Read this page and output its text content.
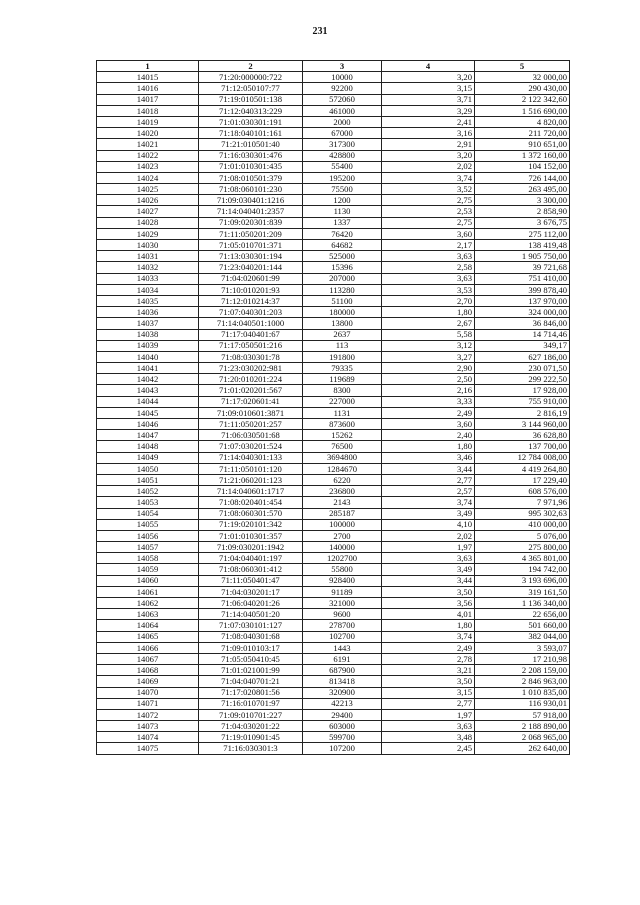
231
1	2	3	4	5
14015	71:20:000000:722	10000	3,20	32 000,00
14016	71:12:050107:77	92200	3,15	290 430,00
14017	71:19:010501:138	572060	3,71	2 122 342,60
14018	71:12:040313:229	461000	3,29	1 516 690,00
14019	71:01:030301:191	2000	2,41	4 820,00
14020	71:18:040101:161	67000	3,16	211 720,00
14021	71:21:010501:40	317300	2,91	910 651,00
14022	71:16:030301:476	428800	3,20	1 372 160,00
14023	71:01:010301:435	55400	2,02	104 152,00
14024	71:08:010501:379	195200	3,74	726 144,00
14025	71:08:060101:230	75500	3,52	263 495,00
14026	71:09:030401:1216	1200	2,75	3 300,00
14027	71:14:040401:2357	1130	2,53	2 858,90
14028	71:09:020301:839	1337	2,75	3 676,75
14029	71:11:050201:209	76420	3,60	275 112,00
14030	71:05:010701:371	64682	2,17	138 419,48
14031	71:13:030301:194	525000	3,63	1 905 750,00
14032	71:23:040201:144	15396	2,58	39 721,68
14033	71:04:020601:99	207000	3,63	751 410,00
14034	71:10:010201:93	113280	3,53	399 878,40
14035	71:12:010214:37	51100	2,70	137 970,00
14036	71:07:040301:203	180000	1,80	324 000,00
14037	71:14:040501:1000	13800	2,67	36 846,00
14038	71:17:040401:67	2637	5,58	14 714,46
14039	71:17:050501:216	113	3,12	349,17
14040	71:08:030301:78	191800	3,27	627 186,00
14041	71:23:030202:981	79335	2,90	230 071,50
14042	71:20:010201:224	119689	2,50	299 222,50
14043	71:01:020201:567	8300	2,16	17 928,00
14044	71:17:020601:41	227000	3,33	755 910,00
14045	71:09:010601:3871	1131	2,49	2 816,19
14046	71:11:050201:257	873600	3,60	3 144 960,00
14047	71:06:030501:68	15262	2,40	36 628,80
14048	71:07:030201:524	76500	1,80	137 700,00
14049	71:14:040301:133	3694800	3,46	12 784 008,00
14050	71:11:050101:120	1284670	3,44	4 419 264,80
14051	71:21:060201:123	6220	2,77	17 229,40
14052	71:14:040601:1717	236800	2,57	608 576,00
14053	71:08:020401:454	2143	3,74	7 971,96
14054	71:08:060301:570	285187	3,49	995 302,63
14055	71:19:020101:342	100000	4,10	410 000,00
14056	71:01:010301:357	2700	2,02	5 076,00
14057	71:09:030201:1942	140000	1,97	275 800,00
14058	71:04:040401:197	1202700	3,63	4 365 801,00
14059	71:08:060301:412	55800	3,49	194 742,00
14060	71:11:050401:47	928400	3,44	3 193 696,00
14061	71:04:030201:17	91189	3,50	319 161,50
14062	71:06:040201:26	321000	3,56	1 136 340,00
14063	71:14:040501:20	9600	4,01	22 656,00
14064	71:07:030101:127	278700	1,80	501 660,00
14065	71:08:040301:68	102700	3,74	382 044,00
14066	71:09:010103:17	1443	2,49	3 593,07
14067	71:05:050410:45	6191	2,78	17 210,98
14068	71:01:021001:99	687900	3,21	2 208 159,00
14069	71:04:040701:21	813418	3,50	2 846 963,00
14070	71:17:020801:56	320900	3,15	1 010 835,00
14071	71:16:010701:97	42213	2,77	116 930,01
14072	71:09:010701:227	29400	1,97	57 918,00
14073	71:04:030201:22	603000	3,63	2 188 890,00
14074	71:19:010901:45	599700	3,48	2 068 965,00
14075	71:16:030301:3	107200	2,45	262 640,00
